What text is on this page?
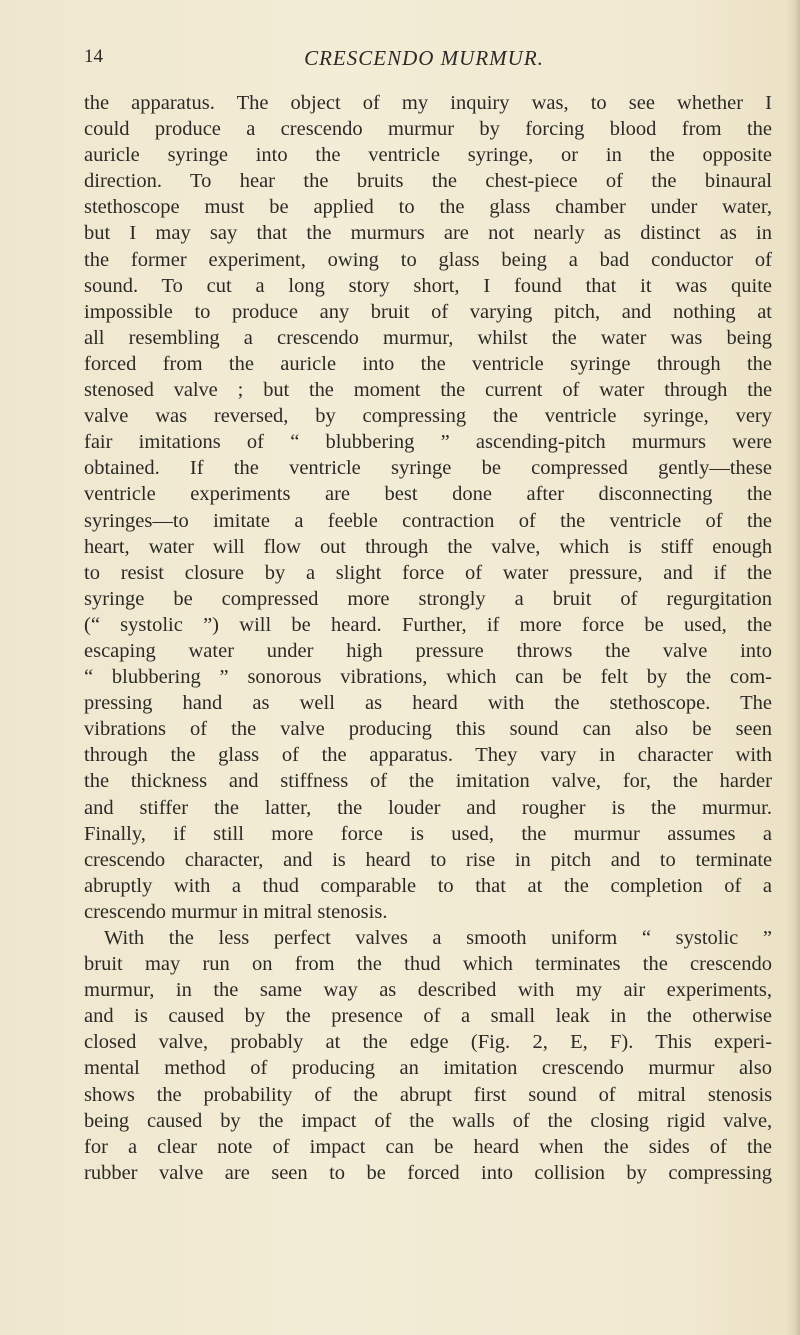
14	CRESCENDO MURMUR.
the apparatus. The object of my inquiry was, to see whether I
could produce a crescendo murmur by forcing blood from the
auricle syringe into the ventricle syringe, or in the opposite
direction. To hear the bruits the chest-piece of the binaural
stethoscope must be applied to the glass chamber under water,
but I may say that the murmurs are not nearly as distinct as in
the former experiment, owing to glass being a bad conductor of
sound. To cut a long story short, I found that it was quite
impossible to produce any bruit of varying pitch, and nothing at
all resembling a crescendo murmur, whilst the water was being
forced from the auricle into the ventricle syringe through the
stenosed valve ; but the moment the current of water through the
valve was reversed, by compressing the ventricle syringe, very
fair imitations of “ blubbering ” ascending-pitch murmurs were
obtained. If the ventricle syringe be compressed gently—these
ventricle experiments are best done after disconnecting the
syringes—to imitate a feeble contraction of the ventricle of the
heart, water will flow out through the valve, which is stiff enough
to resist closure by a slight force of water pressure, and if the
syringe be compressed more strongly a bruit of regurgitation
(“ systolic ”) will be heard. Further, if more force be used, the
escaping water under high pressure throws the valve into
“ blubbering ” sonorous vibrations, which can be felt by the com-
pressing hand as well as heard with the stethoscope. The
vibrations of the valve producing this sound can also be seen
through the glass of the apparatus. They vary in character with
the thickness and stiffness of the imitation valve, for, the harder
and stiffer the latter, the louder and rougher is the murmur.
Finally, if still more force is used, the murmur assumes a
crescendo character, and is heard to rise in pitch and to terminate
abruptly with a thud comparable to that at the completion of a
crescendo murmur in mitral stenosis.
With the less perfect valves a smooth uniform “ systolic ”
bruit may run on from the thud which terminates the crescendo
murmur, in the same way as described with my air experiments,
and is caused by the presence of a small leak in the otherwise
closed valve, probably at the edge (Fig. 2, E, F). This experi-
mental method of producing an imitation crescendo murmur also
shows the probability of the abrupt first sound of mitral stenosis
being caused by the impact of the walls of the closing rigid valve,
for a clear note of impact can be heard when the sides of the
rubber valve are seen to be forced into collision by compressing
